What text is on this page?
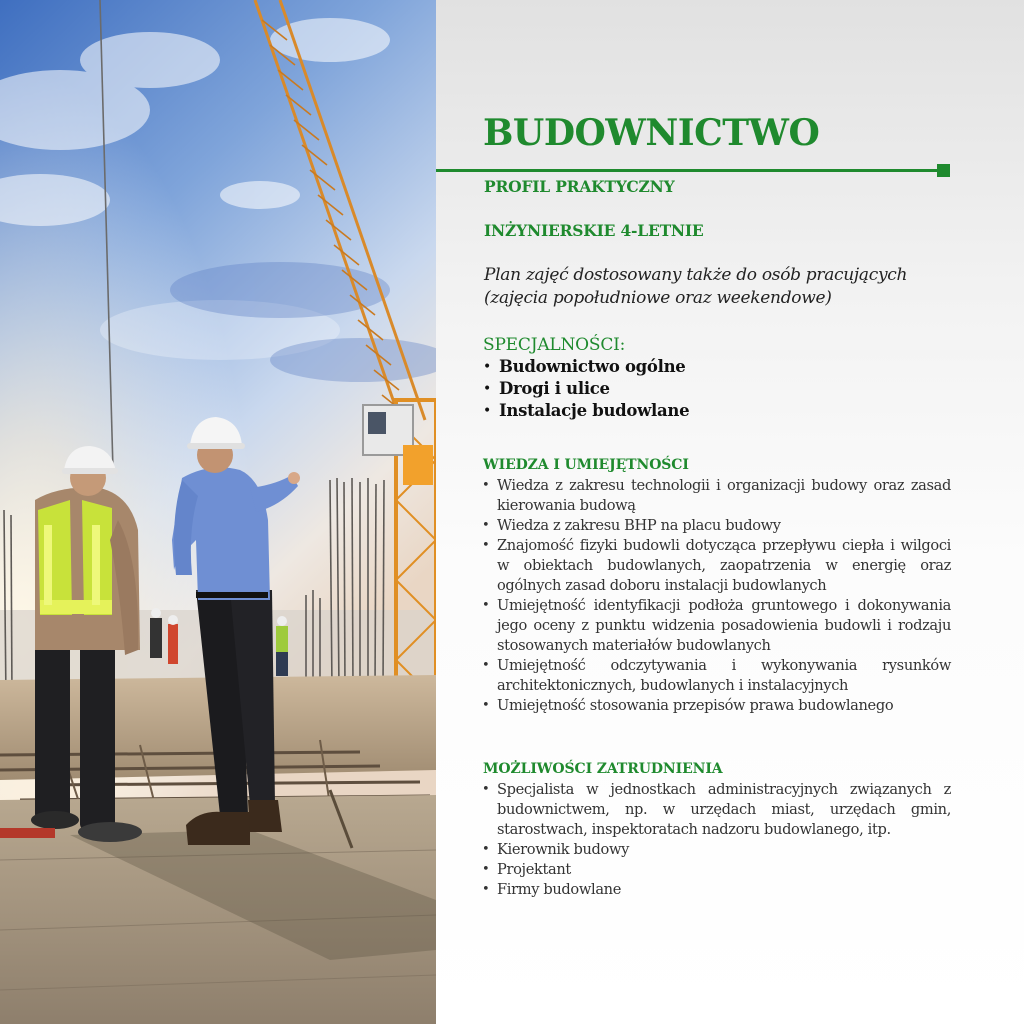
BUDOWNICTWO

PROFIL PRAKTYCZNY

INŻYNIERSKIE 4-LETNIE

Plan zajęć dostosowany także do osób pracujących
(zajęcia popołudniowe oraz weekendowe)

SPECJALNOŚCI:

• Budownictwo ogólne
• Drogi i ulice
• Instalacje budowlane

WIEDZA I UMIEJĘTNOŚCI

• Wiedza z zakresu technologii i organizacji budowy oraz zasad kierowania budową
• Wiedza z zakresu BHP na placu budowy
• Znajomość fizyki budowli dotycząca przepływu ciepła i wilgoci w obiektach budowlanych, zaopatrzenia w energię oraz ogólnych zasad doboru instalacji budowlanych
• Umiejętność identyfikacji podłoża gruntowego i dokonywania jego oceny z punktu widzenia posadowienia budowli i rodzaju stosowanych materiałów budowlanych
• Umiejętność odczytywania i wykonywania rysunków architektonicznych, budowlanych i instalacyjnych
• Umiejętność stosowania przepisów prawa budowlanego

MOŻLIWOŚCI ZATRUDNIENIA

• Specjalista w jednostkach administracyjnych związanych z budownictwem, np. w urzędach miast, urzędach gmin, starostwach, inspektoratach nadzoru budowlanego, itp.
• Kierownik budowy
• Projektant
• Firmy budowlane
